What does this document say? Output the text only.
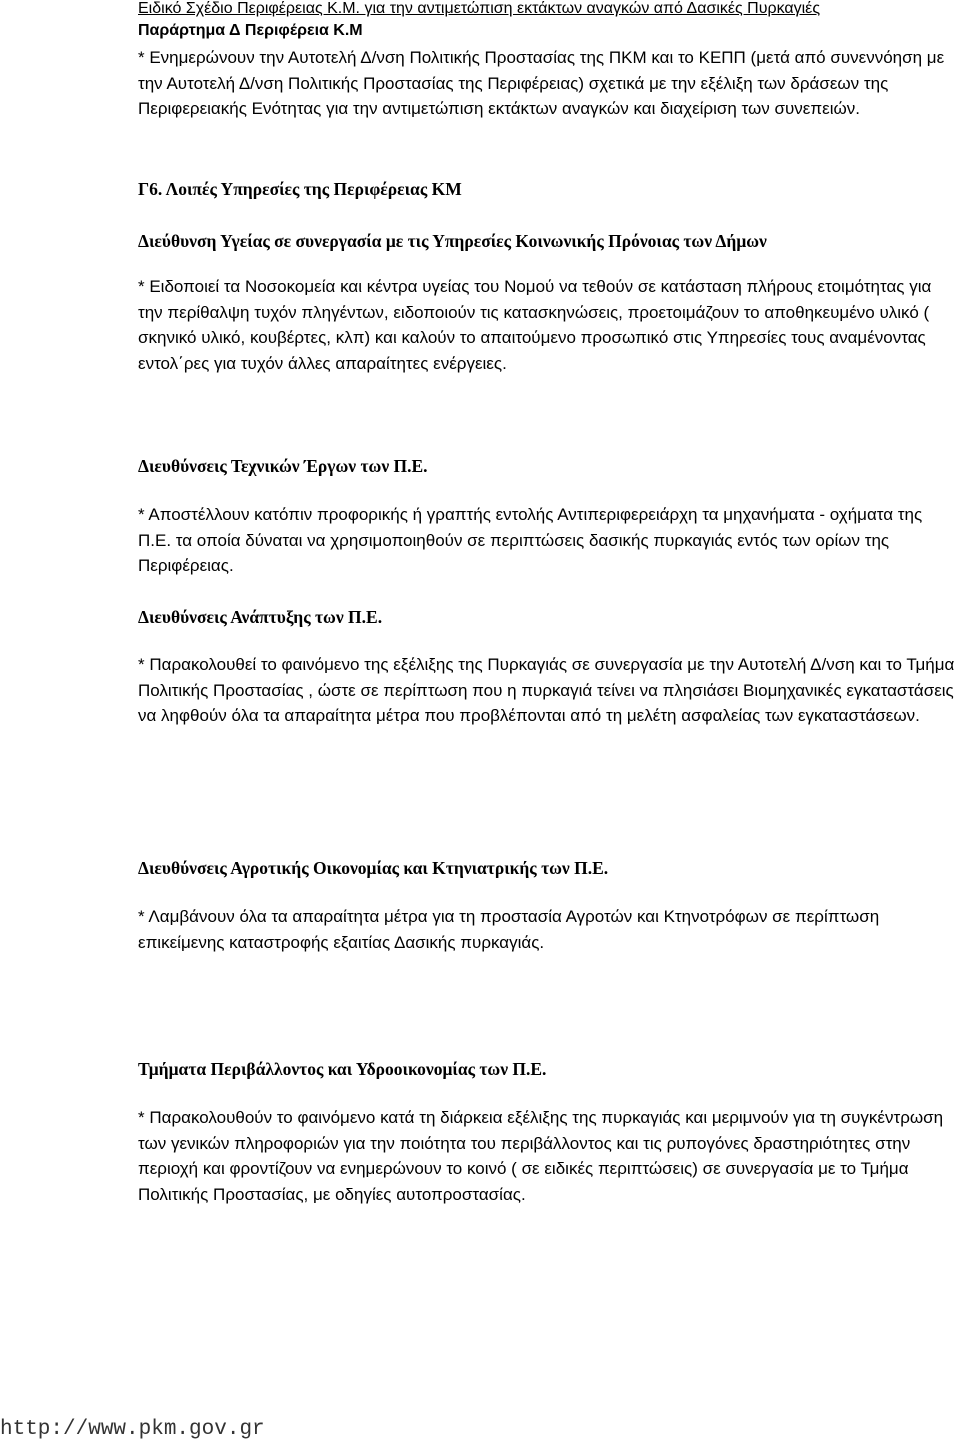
Ειδικό Σχέδιο Περιφέρειας Κ.Μ. για την αντιμετώπιση εκτάκτων αναγκών από Δασικές Πυρκαγιές
Παράρτημα Δ Περιφέρεια Κ.Μ

* Ενημερώνουν την Αυτοτελή Δ/νση Πολιτικής Προστασίας της ΠΚΜ και το ΚΕΠΠ (μετά από συνεννόηση με την Αυτοτελή Δ/νση Πολιτικής Προστασίας της Περιφέρειας) σχετικά με την εξέλιξη των δράσεων της Περιφερειακής Ενότητας για την αντιμετώπιση εκτάκτων αναγκών και διαχείριση των συνεπειών.

Γ6. Λοιπές Υπηρεσίες της Περιφέρειας ΚΜ

Διεύθυνση Υγείας σε συνεργασία με τις Υπηρεσίες Κοινωνικής Πρόνοιας των Δήμων

* Ειδοποιεί τα Νοσοκομεία και κέντρα υγείας του Νομού να τεθούν σε κατάσταση πλήρους ετοιμότητας για την περίθαλψη τυχόν πληγέντων, ειδοποιούν τις κατασκηνώσεις, προετοιμάζουν το αποθηκευμένο υλικό ( σκηνικό υλικό, κουβέρτες, κλπ) και καλούν το απαιτούμενο προσωπικό στις Υπηρεσίες τους αναμένοντας εντολ΄ρες για τυχόν άλλες απαραίτητες ενέργειες.

Διευθύνσεις Τεχνικών Έργων των Π.Ε.

* Αποστέλλουν κατόπιν προφορικής ή γραπτής εντολής Αντιπεριφερειάρχη τα μηχανήματα - οχήματα της Π.Ε. τα οποία δύναται να χρησιμοποιηθούν σε περιπτώσεις δασικής πυρκαγιάς εντός των ορίων της Περιφέρειας.

Διευθύνσεις Ανάπτυξης των Π.Ε.

* Παρακολουθεί το φαινόμενο της εξέλιξης της Πυρκαγιάς σε συνεργασία με την Αυτοτελή Δ/νση και το Τμήμα Πολιτικής Προστασίας , ώστε σε περίπτωση που η πυρκαγιά τείνει να πλησιάσει Βιομηχανικές εγκαταστάσεις να ληφθούν όλα τα απαραίτητα μέτρα που προβλέπονται από τη μελέτη ασφαλείας των εγκαταστάσεων.

Διευθύνσεις Αγροτικής Οικονομίας και Κτηνιατρικής των Π.Ε.

* Λαμβάνουν όλα τα απαραίτητα μέτρα για τη προστασία Αγροτών και Κτηνοτρόφων σε περίπτωση επικείμενης καταστροφής εξαιτίας Δασικής πυρκαγιάς.

Τμήματα Περιβάλλοντος και Υδροοικονομίας των Π.Ε.

* Παρακολουθούν το φαινόμενο κατά τη διάρκεια εξέλιξης της πυρκαγιάς και μεριμνούν για τη συγκέντρωση των γενικών πληροφοριών για την ποιότητα του περιβάλλοντος και τις ρυπογόνες δραστηριότητες στην περιοχή και φροντίζουν να ενημερώνουν το κοινό ( σε ειδικές περιπτώσεις) σε συνεργασία με το Τμήμα Πολιτικής Προστασίας, με οδηγίες αυτοπροστασίας.

http://www.pkm.gov.gr
